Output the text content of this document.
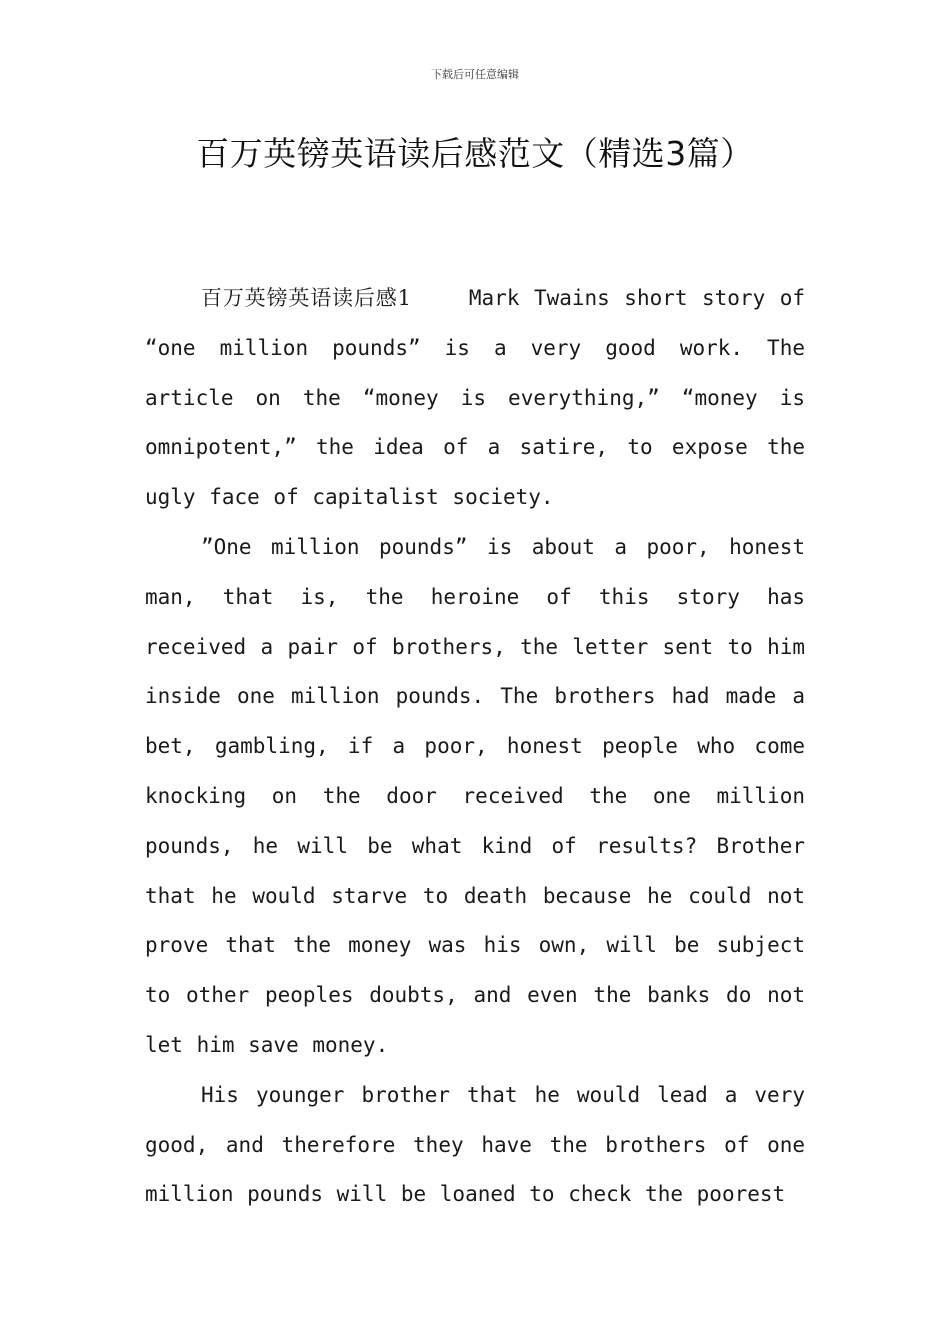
下载后可任意编辑
百万英镑英语读后感范文（精选3篇）

百万英镑英语读后感1    Mark Twains short story of “one million pounds” is a very good work. The article on the “money is everything,” “money is omnipotent,” the idea of a satire, to expose the ugly face of capitalist society.

”One million pounds” is about a poor, honest man, that is, the heroine of this story has received a pair of brothers, the letter sent to him inside one million pounds. The brothers had made a bet, gambling, if a poor, honest people who come knocking on the door received the one million pounds, he will be what kind of results? Brother that he would starve to death because he could not prove that the money was his own, will be subject to other peoples doubts, and even the banks do not let him save money.

His younger brother that he would lead a very good, and therefore they have the brothers of one million pounds will be loaned to check the poorest
